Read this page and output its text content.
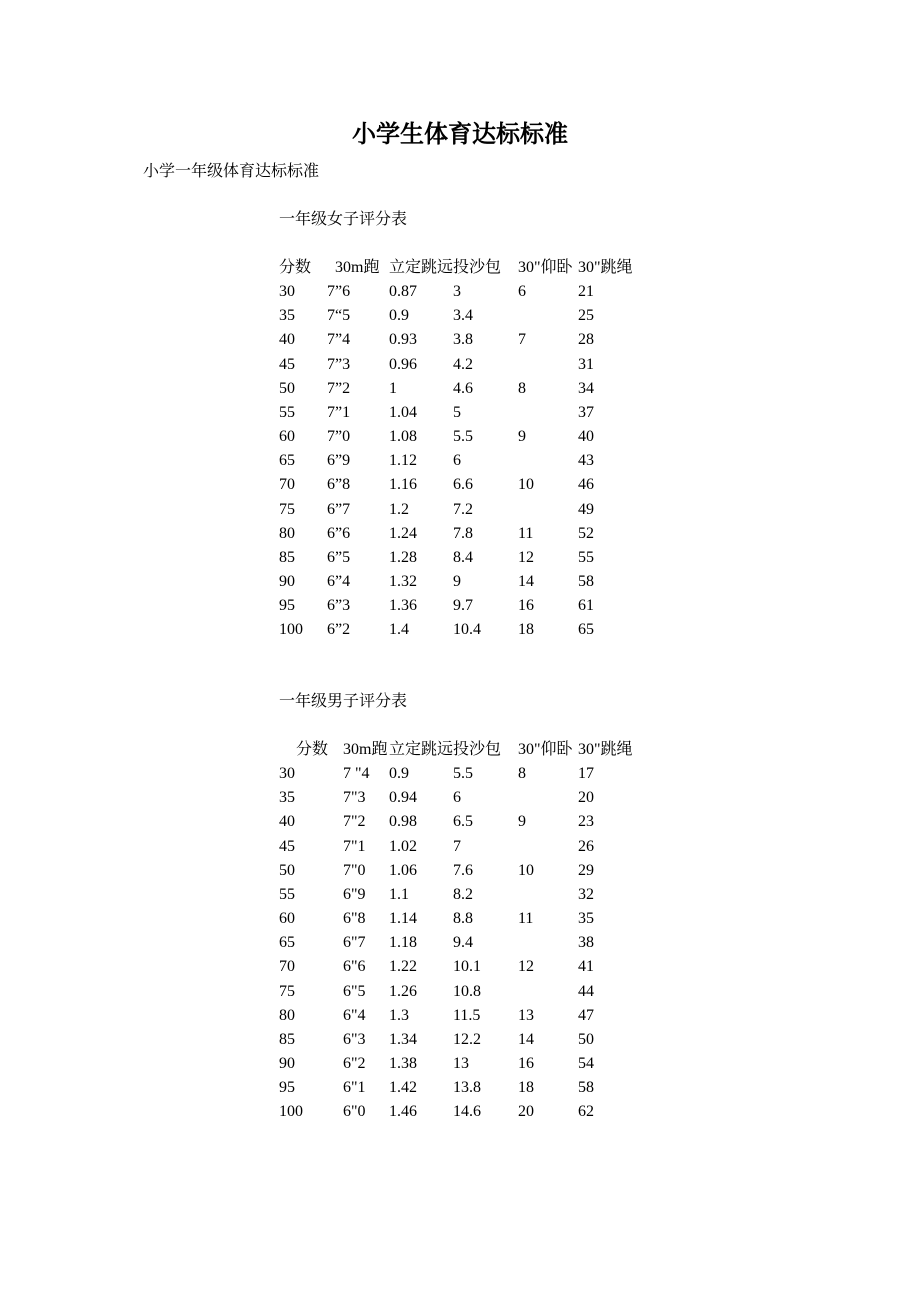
小学生体育达标标准
小学一年级体育达标标准
一年级女子评分表
分数	30m跑	立定跳远	投沙包	30"仰卧	30"跳绳
30	7”6	0.87	3	6	21
35	7“5	0.9	3.4		25
40	7”4	0.93	3.8	7	28
45	7”3	0.96	4.2		31
50	7”2	1	4.6	8	34
55	7”1	1.04	5		37
60	7”0	1.08	5.5	9	40
65	6”9	1.12	6		43
70	6”8	1.16	6.6	10	46
75	6”7	1.2	7.2		49
80	6”6	1.24	7.8	11	52
85	6”5	1.28	8.4	12	55
90	6”4	1.32	9	14	58
95	6”3	1.36	9.7	16	61
100	6”2	1.4	10.4	18	65
一年级男子评分表
分数	30m跑	立定跳远	投沙包	30"仰卧	30"跳绳
30	7 "4	0.9	5.5	8	17
35	7"3	0.94	6		20
40	7"2	0.98	6.5	9	23
45	7"1	1.02	7		26
50	7"0	1.06	7.6	10	29
55	6"9	1.1	8.2		32
60	6"8	1.14	8.8	11	35
65	6"7	1.18	9.4		38
70	6"6	1.22	10.1	12	41
75	6"5	1.26	10.8		44
80	6"4	1.3	11.5	13	47
85	6"3	1.34	12.2	14	50
90	6"2	1.38	13	16	54
95	6"1	1.42	13.8	18	58
100	6"0	1.46	14.6	20	62
